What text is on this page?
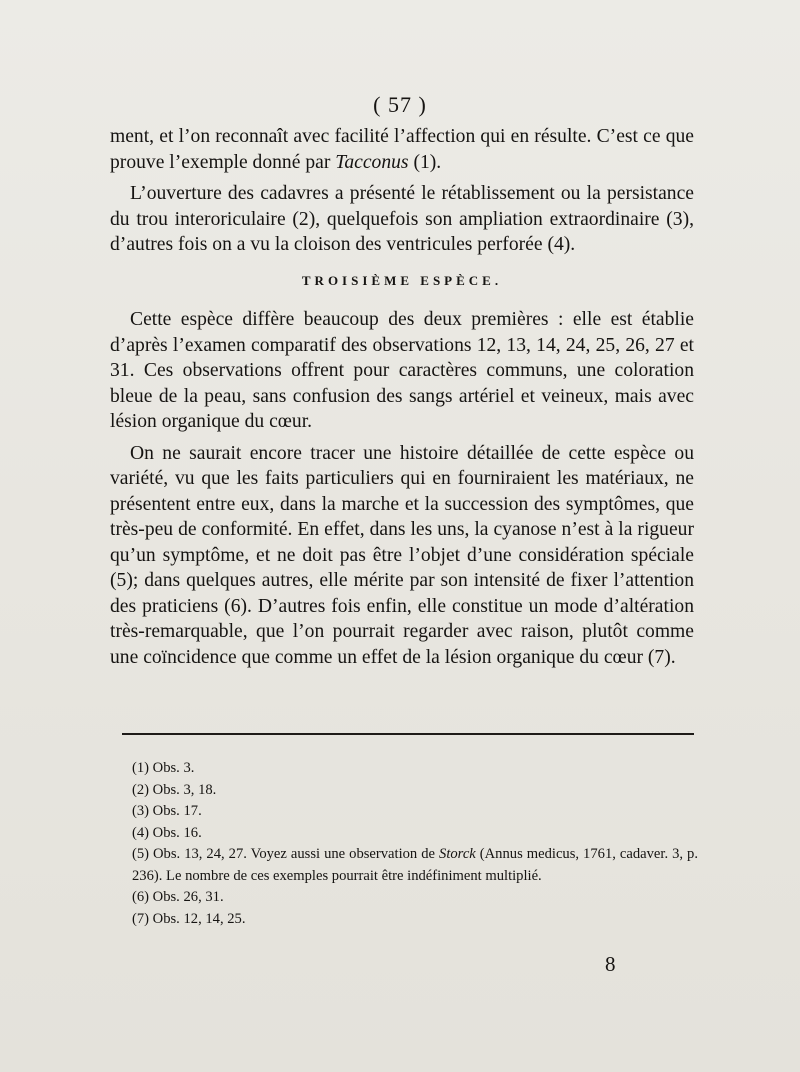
( 57 )

ment, et l’on reconnaît avec facilité l’affection qui en résulte. C’est ce que prouve l’exemple donné par Tacconus (1).

L’ouverture des cadavres a présenté le rétablissement ou la persistance du trou interoriculaire (2), quelquefois son ampliation extraordinaire (3), d’autres fois on a vu la cloison des ventricules perforée (4).

TROISIÈME ESPÈCE.

Cette espèce diffère beaucoup des deux premières : elle est établie d’après l’examen comparatif des observations 12, 13, 14, 24, 25, 26, 27 et 31. Ces observations offrent pour caractères communs, une coloration bleue de la peau, sans confusion des sangs artériel et veineux, mais avec lésion organique du cœur.

On ne saurait encore tracer une histoire détaillée de cette espèce ou variété, vu que les faits particuliers qui en fourniraient les matériaux, ne présentent entre eux, dans la marche et la succession des symptômes, que très-peu de conformité. En effet, dans les uns, la cyanose n’est à la rigueur qu’un symptôme, et ne doit pas être l’objet d’une considération spéciale (5); dans quelques autres, elle mérite par son intensité de fixer l’attention des praticiens (6). D’autres fois enfin, elle constitue un mode d’altération très-remarquable, que l’on pourrait regarder avec raison, plutôt comme une coïncidence que comme un effet de la lésion organique du cœur (7).

(1) Obs. 3.

(2) Obs. 3, 18.

(3) Obs. 17.

(4) Obs. 16.

(5) Obs. 13, 24, 27. Voyez aussi une observation de Storck (Annus medicus, 1761, cadaver. 3, p. 236). Le nombre de ces exemples pourrait être indéfiniment multiplié.

(6) Obs. 26, 31.

(7) Obs. 12, 14, 25.

8
